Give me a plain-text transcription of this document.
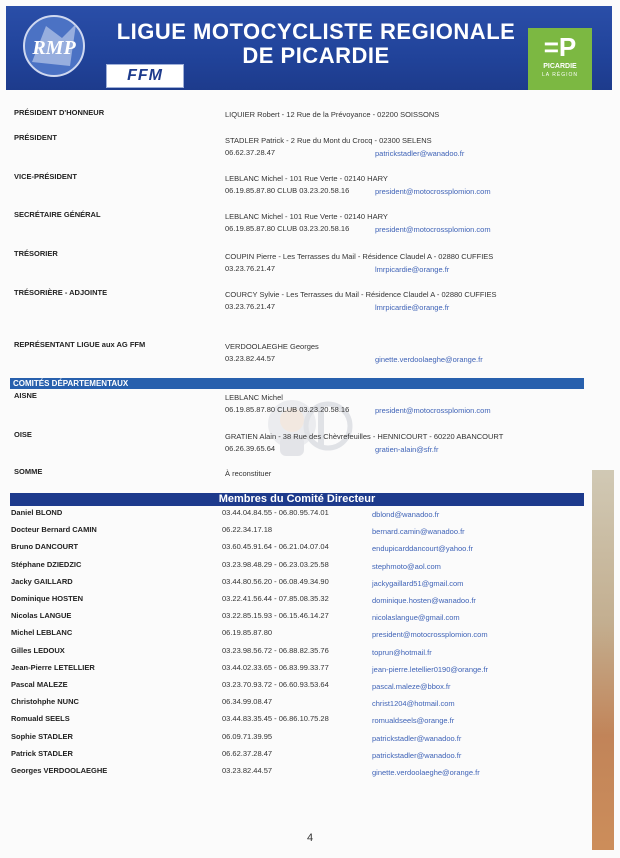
RMP
FFM
LIGUE MOTOCYCLISTE REGIONALE
DE PICARDIE	=P
PICARDIE
LA RÉGION
PRÉSIDENT D'HONNEUR	LIQUIER Robert - 12 Rue de la Prévoyance - 02200 SOISSONS
PRÉSIDENT	STADLER Patrick - 2 Rue du Mont du Crocq - 02300 SELENS
06.62.37.28.47	patrickstadler@wanadoo.fr
VICE-PRÉSIDENT	LEBLANC Michel - 101 Rue Verte - 02140 HARY
06.19.85.87.80 CLUB 03.23.20.58.16	president@motocrossplomion.com
SECRÉTAIRE GÉNÉRAL	LEBLANC Michel - 101 Rue Verte - 02140 HARY
06.19.85.87.80 CLUB 03.23.20.58.16	president@motocrossplomion.com
TRÉSORIER	COUPIN Pierre - Les Terrasses du Mail - Résidence Claudel A - 02880 CUFFIES
03.23.76.21.47	lmrpicardie@orange.fr
TRÉSORIÈRE - ADJOINTE	COURCY Sylvie - Les Terrasses du Mail - Résidence Claudel A - 02880 CUFFIES
03.23.76.21.47	lmrpicardie@orange.fr
REPRÉSENTANT LIGUE aux AG FFM	VERDOOLAEGHE Georges
03.23.82.44.57	ginette.verdoolaeghe@orange.fr
COMITÉS DÉPARTEMENTAUX
AISNE	LEBLANC Michel
06.19.85.87.80 CLUB 03.23.20.58.16	president@motocrossplomion.com
OISE	GRATIEN Alain - 38 Rue des Chèvrefeuilles - HENNICOURT - 60220 ABANCOURT
06.26.39.65.64	gratien-alain@sfr.fr
SOMME	À reconstituer
Membres du Comité Directeur
Daniel BLOND	03.44.04.84.55 - 06.80.95.74.01	dblond@wanadoo.fr
Docteur Bernard CAMIN	06.22.34.17.18	bernard.camin@wanadoo.fr
Bruno DANCOURT	03.60.45.91.64 - 06.21.04.07.04	endupicarddancourt@yahoo.fr
Stéphane DZIEDZIC	03.23.98.48.29 - 06.23.03.25.58	stephmoto@aol.com
Jacky GAILLARD	03.44.80.56.20 - 06.08.49.34.90	jackygaillard51@gmail.com
Dominique HOSTEN	03.22.41.56.44 - 07.85.08.35.32	dominique.hosten@wanadoo.fr
Nicolas LANGUE	03.22.85.15.93 - 06.15.46.14.27	nicolaslangue@gmail.com
Michel LEBLANC	06.19.85.87.80	president@motocrossplomion.com
Gilles LEDOUX	03.23.98.56.72 - 06.88.82.35.76	toprun@hotmail.fr
Jean-Pierre LETELLIER	03.44.02.33.65 - 06.83.99.33.77	jean-pierre.letellier0190@orange.fr
Pascal MALEZE	03.23.70.93.72 - 06.60.93.53.64	pascal.maleze@bbox.fr
Christohphe NUNC	06.34.99.08.47	christ1204@hotmail.com
Romuald SEELS	03.44.83.35.45 - 06.86.10.75.28	romualdseels@orange.fr
Sophie STADLER	06.09.71.39.95	patrickstadler@wanadoo.fr
Patrick STADLER	06.62.37.28.47	patrickstadler@wanadoo.fr
Georges VERDOOLAEGHE	03.23.82.44.57	ginette.verdoolaeghe@orange.fr
4
